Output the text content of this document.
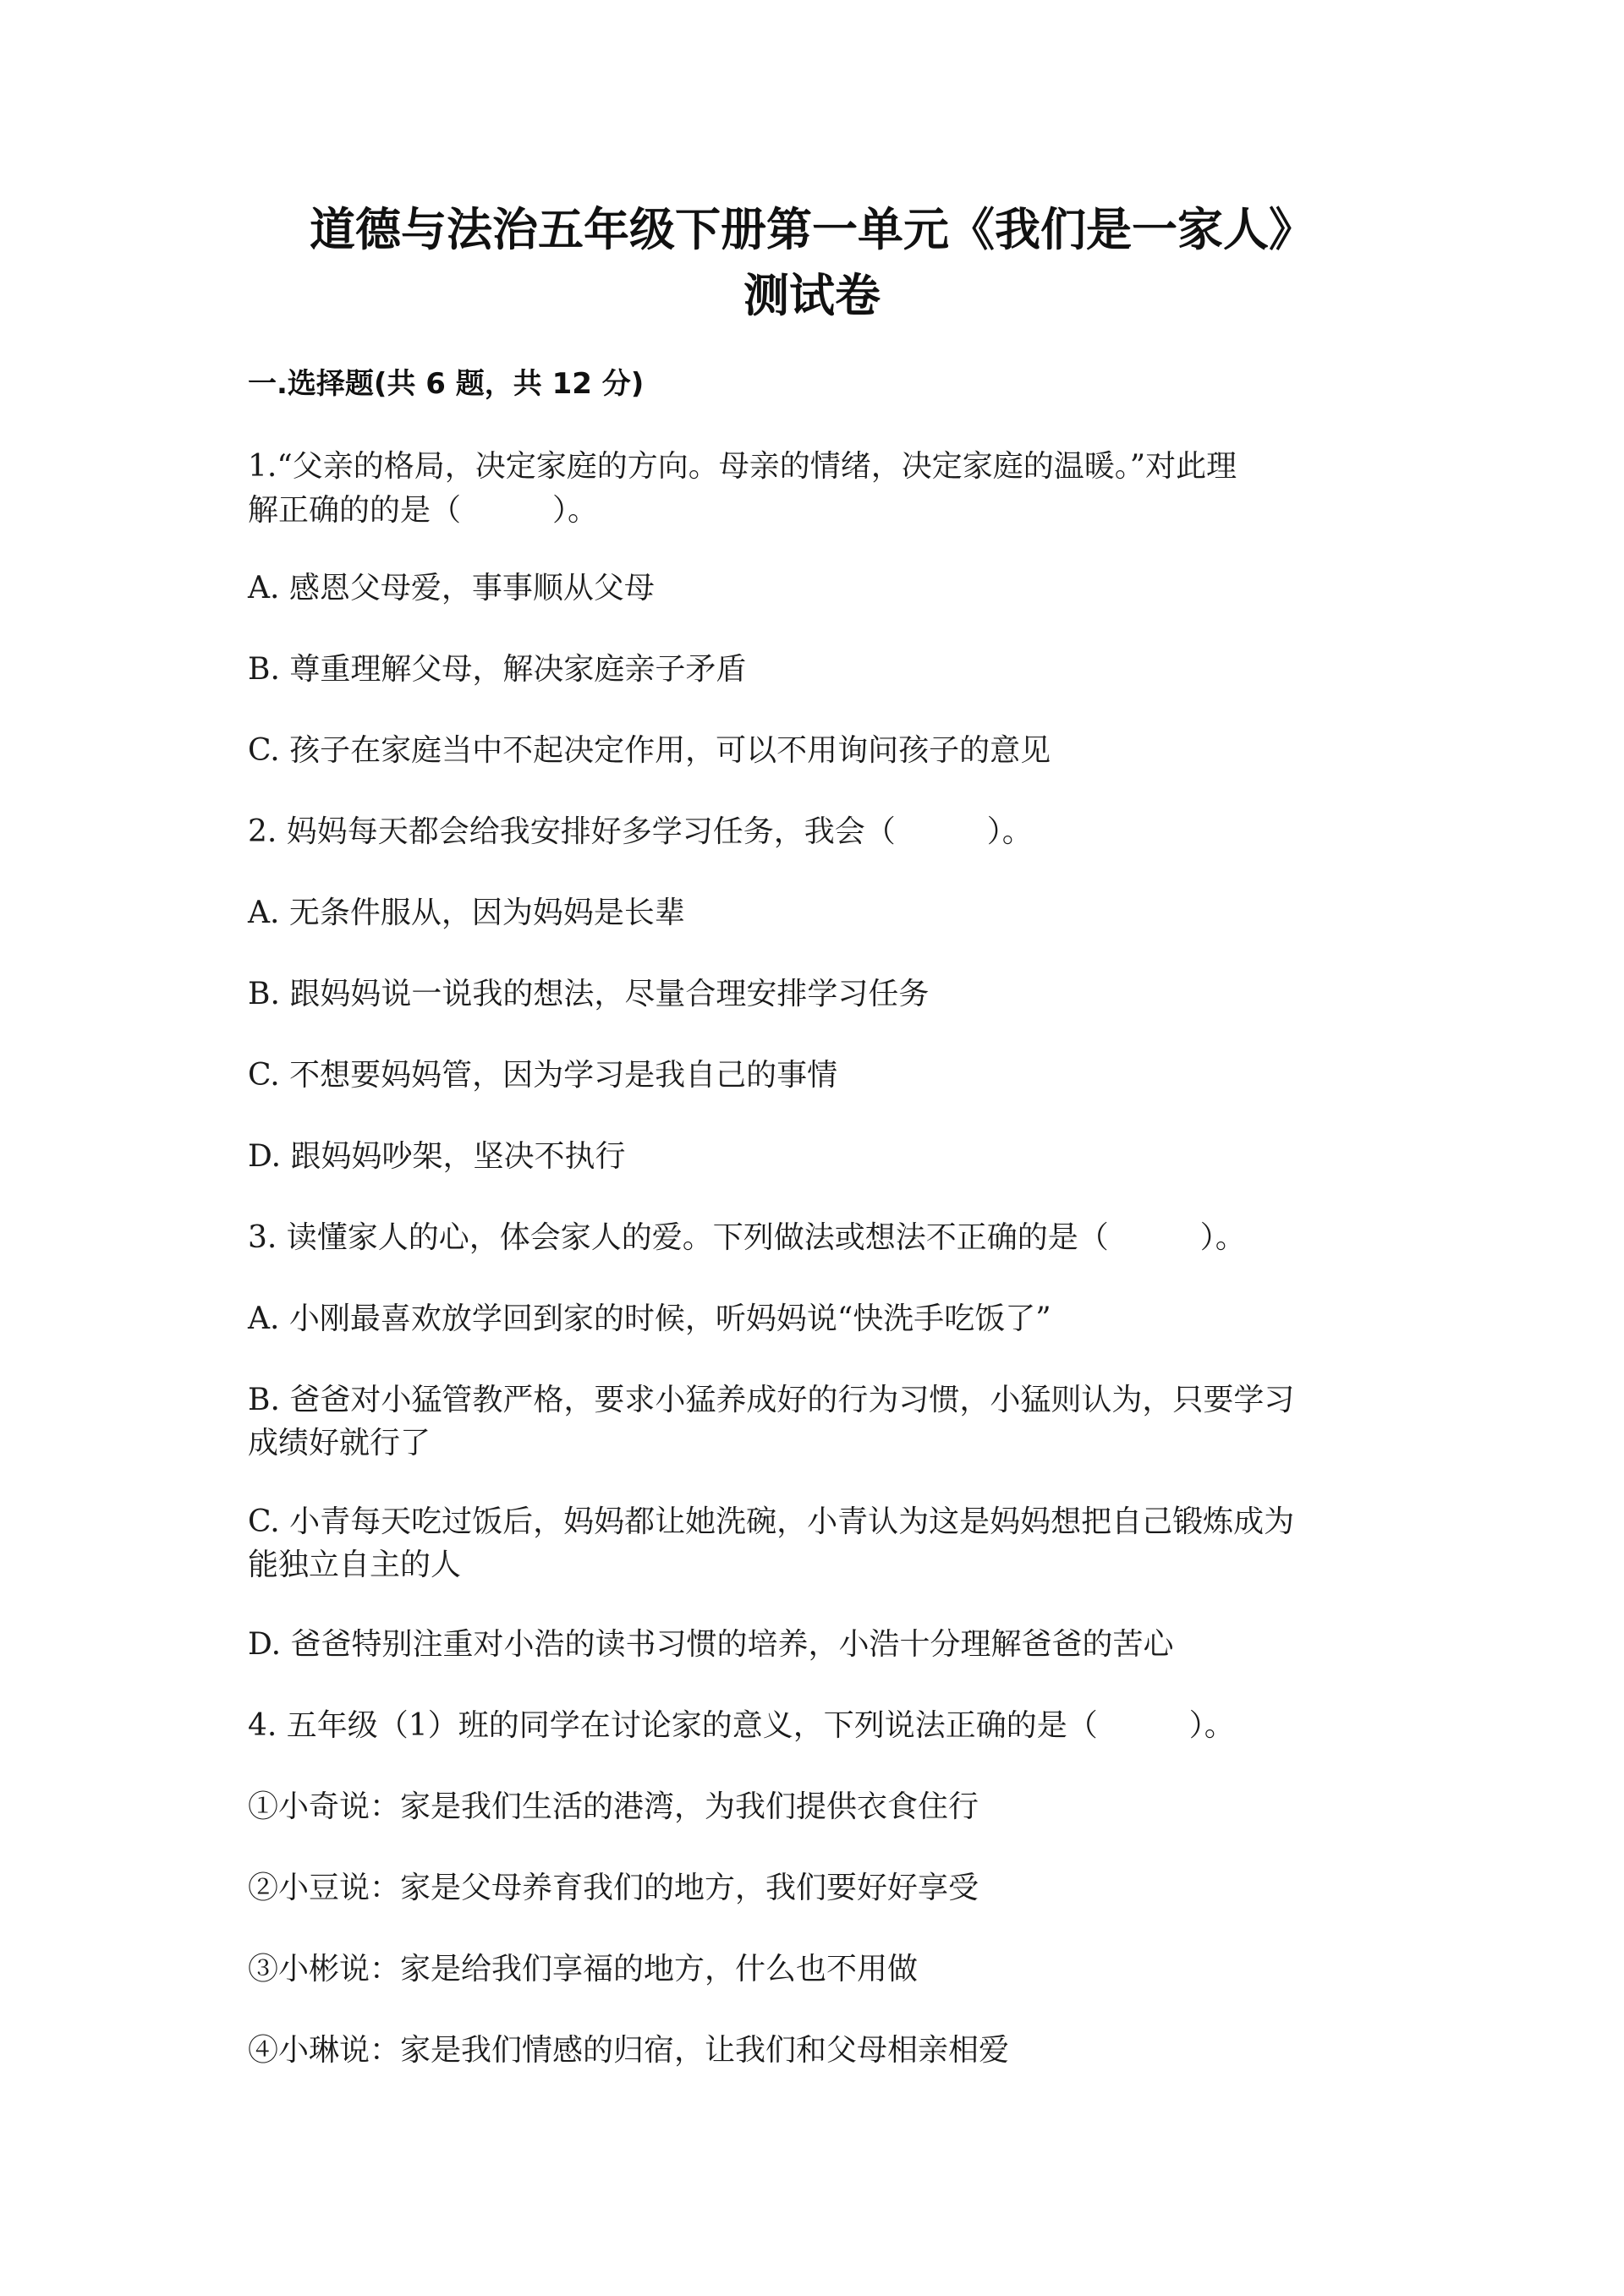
道德与法治五年级下册第一单元《我们是一家人》
测试卷
一.选择题(共 6 题，共 12 分)
1.“父亲的格局，决定家庭的方向。母亲的情绪，决定家庭的温暖。”对此理
解正确的的是（　　　）。
A. 感恩父母爱，事事顺从父母
B. 尊重理解父母，解决家庭亲子矛盾
C. 孩子在家庭当中不起决定作用，可以不用询问孩子的意见
2. 妈妈每天都会给我安排好多学习任务，我会（　　　）。
A. 无条件服从，因为妈妈是长辈
B. 跟妈妈说一说我的想法，尽量合理安排学习任务
C. 不想要妈妈管，因为学习是我自己的事情
D. 跟妈妈吵架，坚决不执行
3. 读懂家人的心，体会家人的爱。下列做法或想法不正确的是（　　　）。
A. 小刚最喜欢放学回到家的时候，听妈妈说“快洗手吃饭了”
B. 爸爸对小猛管教严格，要求小猛养成好的行为习惯，小猛则认为，只要学习
成绩好就行了
C. 小青每天吃过饭后，妈妈都让她洗碗，小青认为这是妈妈想把自己锻炼成为
能独立自主的人
D. 爸爸特别注重对小浩的读书习惯的培养，小浩十分理解爸爸的苦心
4. 五年级（1）班的同学在讨论家的意义，下列说法正确的是（　　　）。
①小奇说：家是我们生活的港湾，为我们提供衣食住行
②小豆说：家是父母养育我们的地方，我们要好好享受
③小彬说：家是给我们享福的地方，什么也不用做
④小琳说：家是我们情感的归宿，让我们和父母相亲相爱
